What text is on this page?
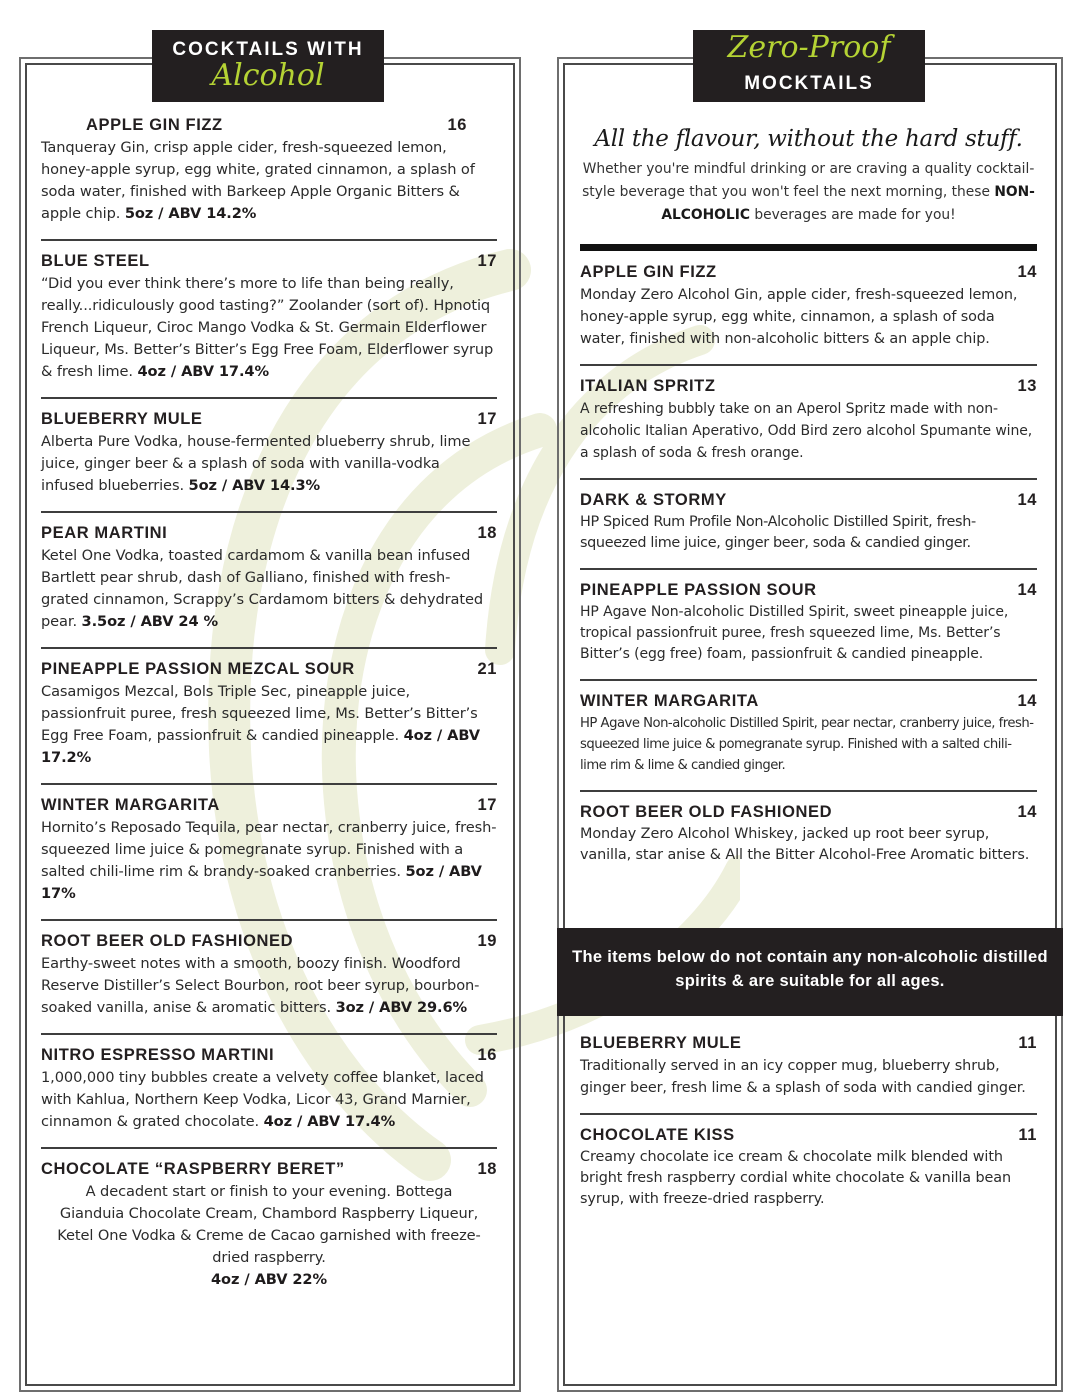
COCKTAILS WITH
Alcohol
APPLE GIN FIZZ	16
Tanqueray Gin, crisp apple cider, fresh-squeezed lemon, honey-apple syrup, egg white, grated cinnamon, a splash of soda water, finished with Barkeep Apple Organic Bitters & apple chip. 5oz / ABV 14.2%
BLUE STEEL	17
“Did you ever think there’s more to life than being really, really...ridiculously good tasting?” Zoolander (sort of). Hpnotiq French Liqueur, Ciroc Mango Vodka & St. Germain Elderflower Liqueur, Ms. Better’s Bitter’s Egg Free Foam, Elderflower syrup & fresh lime. 4oz / ABV 17.4%
BLUEBERRY MULE	17
Alberta Pure Vodka, house-fermented blueberry shrub, lime juice, ginger beer & a splash of soda with vanilla-vodka infused blueberries. 5oz / ABV 14.3%
PEAR MARTINI	18
Ketel One Vodka, toasted cardamom & vanilla bean infused Bartlett pear shrub, dash of Galliano, finished with fresh-grated cinnamon, Scrappy’s Cardamom bitters & dehydrated pear. 3.5oz / ABV 24 %
PINEAPPLE PASSION MEZCAL SOUR	21
Casamigos Mezcal, Bols Triple Sec, pineapple juice, passionfruit puree, fresh squeezed lime, Ms. Better’s Bitter’s Egg Free Foam, passionfruit & candied pineapple. 4oz / ABV 17.2%
WINTER MARGARITA	17
Hornito’s Reposado Tequila, pear nectar, cranberry juice, fresh-squeezed lime juice & pomegranate syrup. Finished with a salted chili-lime rim & brandy-soaked cranberries. 5oz / ABV 17%
ROOT BEER OLD FASHIONED	19
Earthy-sweet notes with a smooth, boozy finish. Woodford Reserve Distiller’s Select Bourbon, root beer syrup, bourbon-soaked vanilla, anise & aromatic bitters. 3oz / ABV 29.6%
NITRO ESPRESSO MARTINI	16
1,000,000 tiny bubbles create a velvety coffee blanket, laced with Kahlua, Northern Keep Vodka, Licor 43, Grand Marnier, cinnamon & grated chocolate. 4oz / ABV 17.4%
CHOCOLATE “RASPBERRY BERET”	18
A decadent start or finish to your evening. Bottega Gianduia Chocolate Cream, Chambord Raspberry Liqueur, Ketel One Vodka & Creme de Cacao garnished with freeze-dried raspberry.
4oz / ABV 22%
Zero-Proof
MOCKTAILS
All the flavour, without the hard stuff.
Whether you're mindful drinking or are craving a quality cocktail-style beverage that you won't feel the next morning, these NON-ALCOHOLIC beverages are made for you!
APPLE GIN FIZZ	14
Monday Zero Alcohol Gin, apple cider, fresh-squeezed lemon, honey-apple syrup, egg white, cinnamon, a splash of soda water, finished with non-alcoholic bitters & an apple chip.
ITALIAN SPRITZ	13
A refreshing bubbly take on an Aperol Spritz made with non-alcoholic Italian Aperativo, Odd Bird zero alcohol Spumante wine, a splash of soda & fresh orange.
DARK & STORMY	14
HP Spiced Rum Profile Non-Alcoholic Distilled Spirit, fresh-squeezed lime juice, ginger beer, soda & candied ginger.
PINEAPPLE PASSION SOUR	14
HP Agave Non-alcoholic Distilled Spirit, sweet pineapple juice, tropical passionfruit puree, fresh squeezed lime, Ms. Better’s Bitter’s (egg free) foam, passionfruit & candied pineapple.
WINTER MARGARITA	14
HP Agave Non-alcoholic Distilled Spirit, pear nectar, cranberry juice, fresh-squeezed lime juice & pomegranate syrup. Finished with a salted chili-lime rim & lime & candied ginger.
ROOT BEER OLD FASHIONED	14
Monday Zero Alcohol Whiskey, jacked up root beer syrup, vanilla, star anise & All the Bitter Alcohol-Free Aromatic bitters.
The items below do not contain any non-alcoholic distilled spirits & are suitable for all ages.
BLUEBERRY MULE	11
Traditionally served in an icy copper mug, blueberry shrub, ginger beer, fresh lime & a splash of soda with candied ginger.
CHOCOLATE KISS	11
Creamy chocolate ice cream & chocolate milk blended with bright fresh raspberry cordial white chocolate & vanilla bean syrup, with freeze-dried raspberry.
